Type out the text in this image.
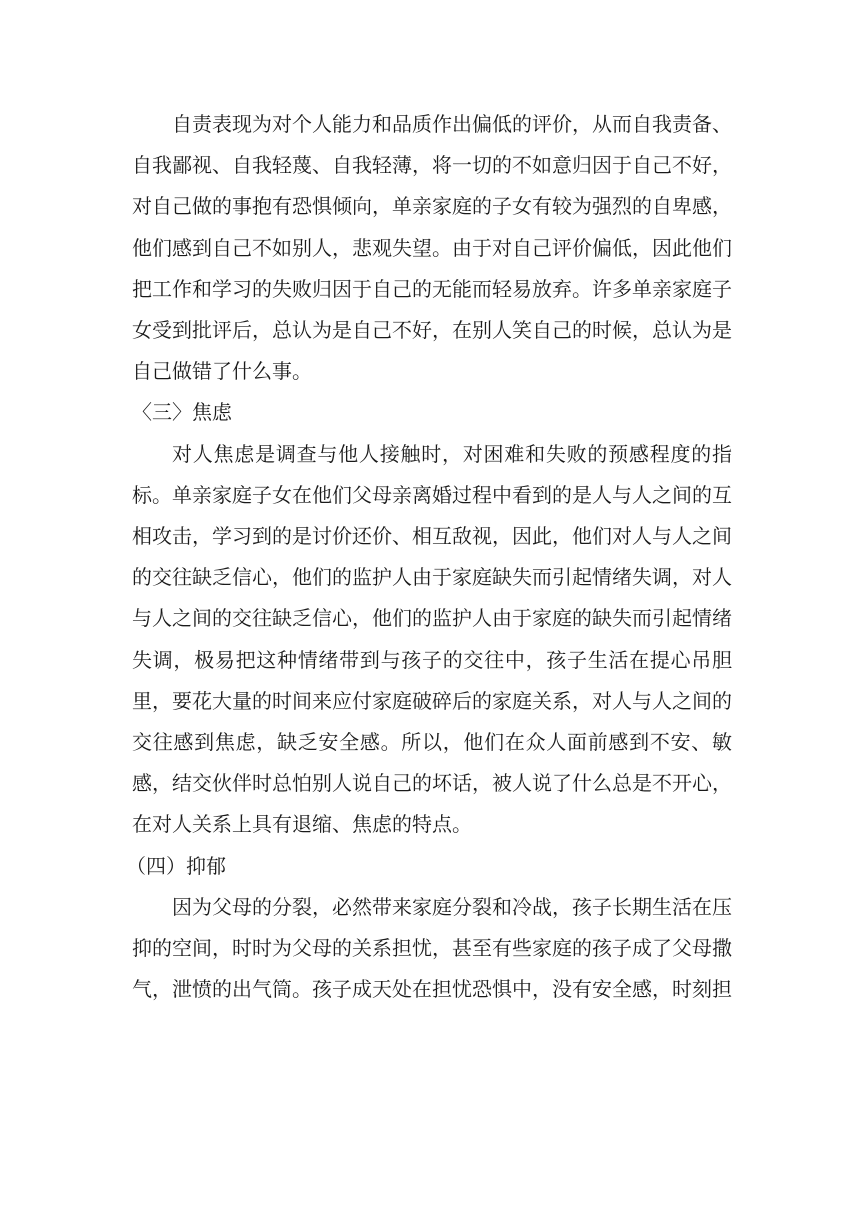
自责表现为对个人能力和品质作出偏低的评价，从而自我责备、自我鄙视、自我轻蔑、自我轻薄，将一切的不如意归因于自己不好，对自己做的事抱有恐惧倾向，单亲家庭的子女有较为强烈的自卑感，他们感到自己不如别人，悲观失望。由于对自己评价偏低，因此他们把工作和学习的失败归因于自己的无能而轻易放弃。许多单亲家庭子女受到批评后，总认为是自己不好，在别人笑自己的时候，总认为是自己做错了什么事。

〈三〉焦虑

对人焦虑是调查与他人接触时，对困难和失败的预感程度的指标。单亲家庭子女在他们父母亲离婚过程中看到的是人与人之间的互相攻击，学习到的是讨价还价、相互敌视，因此，他们对人与人之间的交往缺乏信心，他们的监护人由于家庭缺失而引起情绪失调，对人与人之间的交往缺乏信心，他们的监护人由于家庭的缺失而引起情绪失调，极易把这种情绪带到与孩子的交往中，孩子生活在提心吊胆里，要花大量的时间来应付家庭破碎后的家庭关系，对人与人之间的交往感到焦虑，缺乏安全感。所以，他们在众人面前感到不安、敏感，结交伙伴时总怕别人说自己的坏话，被人说了什么总是不开心，在对人关系上具有退缩、焦虑的特点。

（四）抑郁

因为父母的分裂，必然带来家庭分裂和冷战，孩子长期生活在压抑的空间，时时为父母的关系担忧，甚至有些家庭的孩子成了父母撒气，泄愤的出气筒。孩子成天处在担忧恐惧中，没有安全感，时刻担
